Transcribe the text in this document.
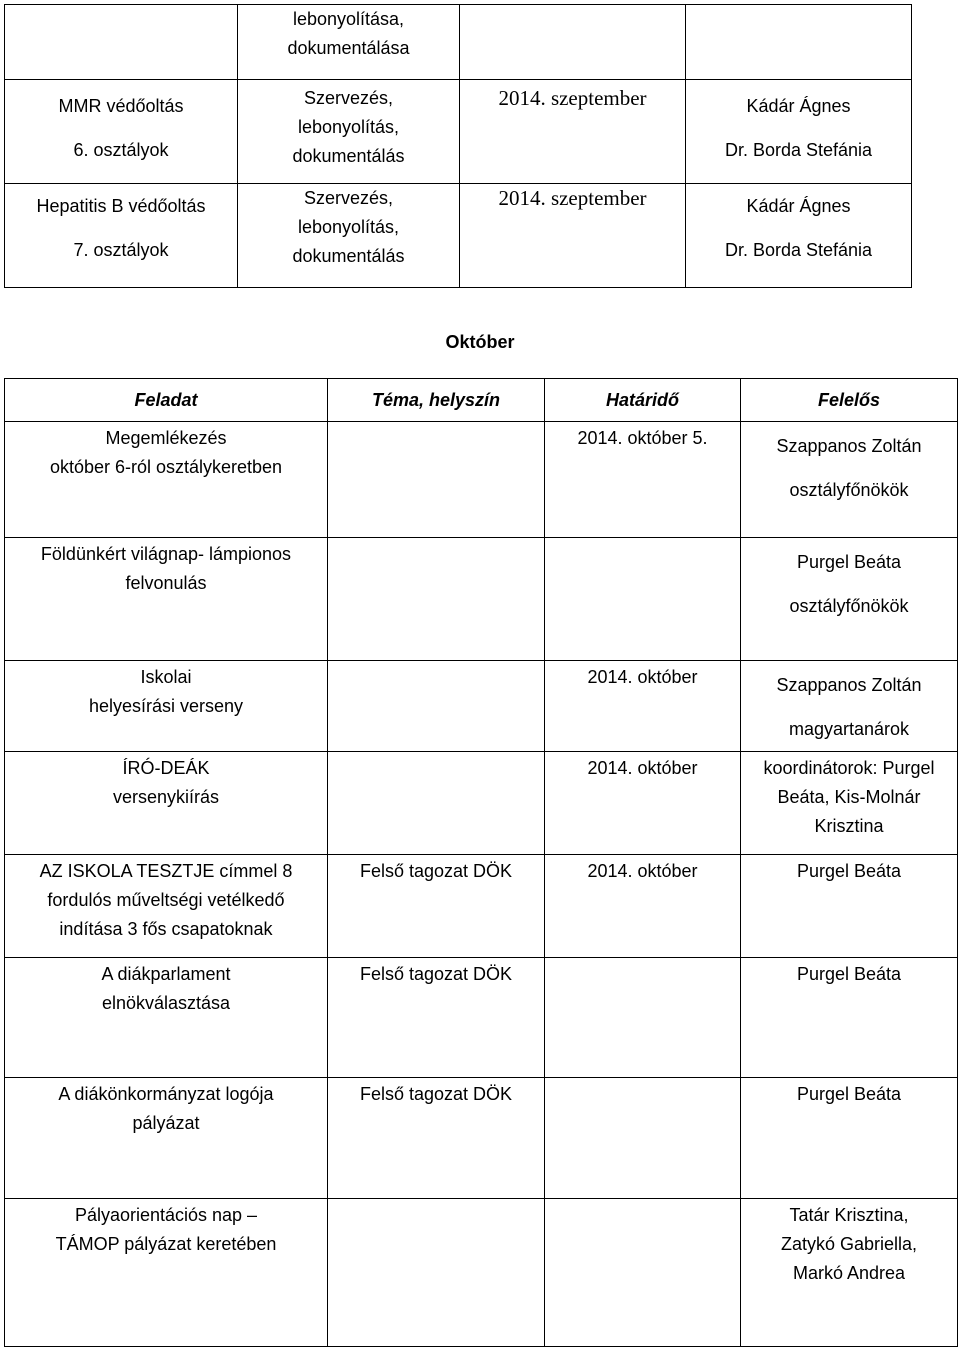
	lebonyolítása,
dokumentálása		

MMR védőoltás
6. osztályok	Szervezés,
lebonyolítás,
dokumentálás	2014. szeptember	Kádár Ágnes
Dr. Borda Stefánia

Hepatitis B védőoltás
7. osztályok	Szervezés,
lebonyolítás,
dokumentálás	2014. szeptember	Kádár Ágnes
Dr. Borda Stefánia
Október
Feladat	Téma, helyszín	Határidő	Felelős

Megemlékezés
október 6-ról osztálykeretben		2014. október 5.	Szappanos Zoltán
osztályfőnökök

Földünkért világnap- lámpionos
felvonulás			Purgel Beáta
osztályfőnökök

Iskolai
helyesírási verseny		2014. október	Szappanos Zoltán
magyartanárok

ÍRÓ-DEÁK
versenykiírás		2014. október	koordinátorok: Purgel
Beáta, Kis-Molnár
Krisztina

AZ ISKOLA TESZTJE címmel 8
fordulós műveltségi vetélkedő
indítása 3 fős csapatoknak	Felső tagozat DÖK	2014. október	Purgel Beáta

A diákparlament
elnökválasztása	Felső tagozat DÖK		Purgel Beáta

A diákönkormányzat logója
pályázat	Felső tagozat DÖK		Purgel Beáta

Pályaorientációs nap –
TÁMOP pályázat keretében			Tatár Krisztina,
Zatykó Gabriella,
Markó Andrea
